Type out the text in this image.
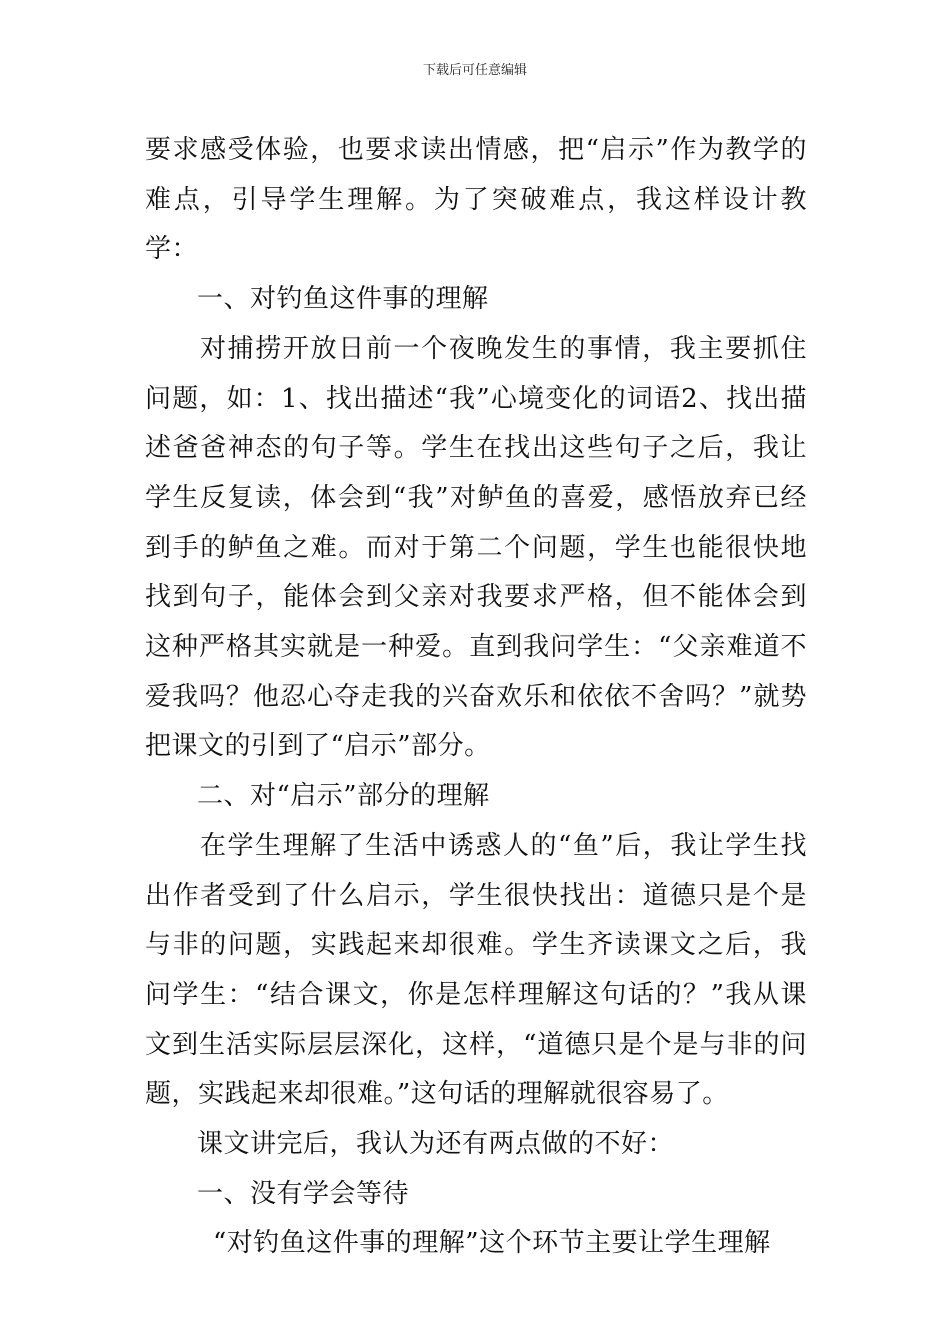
下载后可任意编辑

要求感受体验，也要求读出情感，把“启示”作为教学的难点，引导学生理解。为了突破难点，我这样设计教学：

一、对钓鱼这件事的理解

对捕捞开放日前一个夜晚发生的事情，我主要抓住问题，如：1、找出描述“我”心境变化的词语2、找出描述爸爸神态的句子等。学生在找出这些句子之后，我让学生反复读，体会到“我”对鲈鱼的喜爱，感悟放弃已经到手的鲈鱼之难。而对于第二个问题，学生也能很快地找到句子，能体会到父亲对我要求严格，但不能体会到这种严格其实就是一种爱。直到我问学生：“父亲难道不爱我吗？他忍心夺走我的兴奋欢乐和依依不舍吗？”就势把课文的引到了“启示”部分。

二、对“启示”部分的理解

在学生理解了生活中诱惑人的“鱼”后，我让学生找出作者受到了什么启示，学生很快找出：道德只是个是与非的问题，实践起来却很难。学生齐读课文之后，我问学生：“结合课文，你是怎样理解这句话的？”我从课文到生活实际层层深化，这样，“道德只是个是与非的问题，实践起来却很难。”这句话的理解就很容易了。

课文讲完后，我认为还有两点做的不好：

一、没有学会等待

“对钓鱼这件事的理解”这个环节主要让学生理解
